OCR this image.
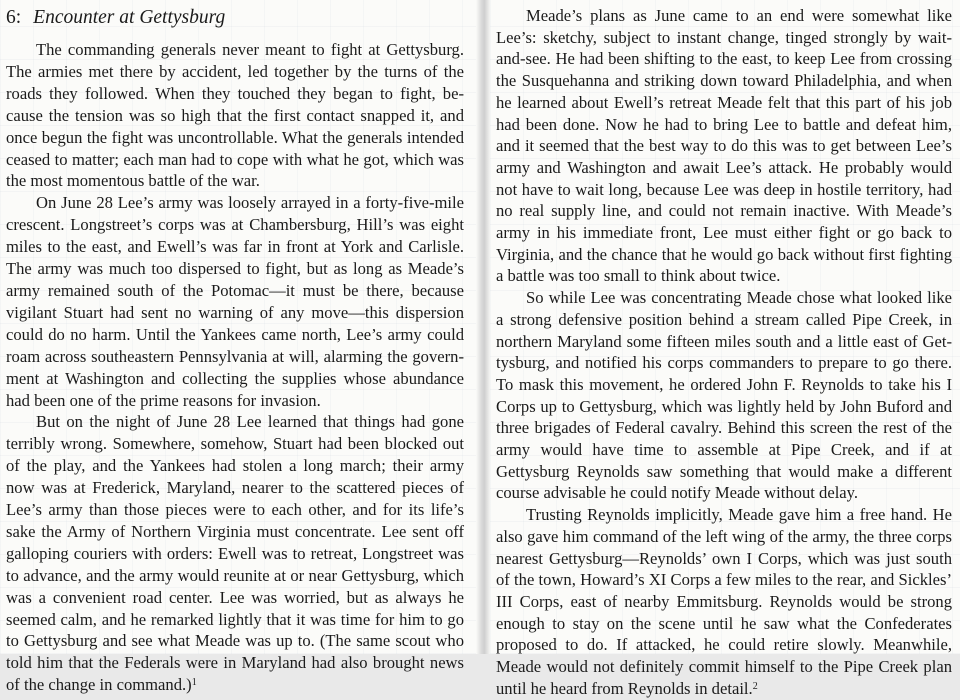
6: Encounter at Gettysburg

The commanding generals never meant to fight at Gettysburg. The armies met there by accident, led together by the turns of the roads they followed. When they touched they began to fight, because the tension was so high that the first contact snapped it, and once begun the fight was uncontrollable. What the generals intended ceased to matter; each man had to cope with what he got, which was the most momentous battle of the war.

On June 28 Lee’s army was loosely arrayed in a forty-five-mile crescent. Longstreet’s corps was at Chambersburg, Hill’s was eight miles to the east, and Ewell’s was far in front at York and Carlisle. The army was much too dispersed to fight, but as long as Meade’s army remained south of the Potomac—it must be there, because vigilant Stuart had sent no warning of any move—this dispersion could do no harm. Until the Yankees came north, Lee’s army could roam across southeastern Pennsylvania at will, alarming the government at Washington and collecting the supplies whose abundance had been one of the prime reasons for invasion.

But on the night of June 28 Lee learned that things had gone terribly wrong. Somewhere, somehow, Stuart had been blocked out of the play, and the Yankees had stolen a long march; their army now was at Frederick, Maryland, nearer to the scattered pieces of Lee’s army than those pieces were to each other, and for its life’s sake the Army of Northern Virginia must concentrate. Lee sent off galloping couriers with orders: Ewell was to retreat, Longstreet was to advance, and the army would reunite at or near Gettysburg, which was a convenient road center. Lee was worried, but as always he seemed calm, and he remarked lightly that it was time for him to go to Gettysburg and see what Meade was up to. (The same scout who told him that the Federals were in Maryland had also brought news of the change in command.)$^1$

Meade’s plans as June came to an end were somewhat like Lee’s: sketchy, subject to instant change, tinged strongly by wait-and-see. He had been shifting to the east, to keep Lee from crossing the Susquehanna and striking down toward Philadelphia, and when he learned about Ewell’s retreat Meade felt that this part of his job had been done. Now he had to bring Lee to battle and defeat him, and it seemed that the best way to do this was to get between Lee’s army and Washington and await Lee’s attack. He probably would not have to wait long, because Lee was deep in hostile territory, had no real supply line, and could not remain inactive. With Meade’s army in his immediate front, Lee must either fight or go back to Virginia, and the chance that he would go back without first fighting a battle was too small to think about twice.

So while Lee was concentrating Meade chose what looked like a strong defensive position behind a stream called Pipe Creek, in northern Maryland some fifteen miles south and a little east of Gettysburg, and notified his corps commanders to prepare to go there. To mask this movement, he ordered John F. Reynolds to take his I Corps up to Gettysburg, which was lightly held by John Buford and three brigades of Federal cavalry. Behind this screen the rest of the army would have time to assemble at Pipe Creek, and if at Gettysburg Reynolds saw something that would make a different course advisable he could notify Meade without delay.

Trusting Reynolds implicitly, Meade gave him a free hand. He also gave him command of the left wing of the army, the three corps nearest Gettysburg—Reynolds’ own I Corps, which was just south of the town, Howard’s XI Corps a few miles to the rear, and Sickles’ III Corps, east of nearby Emmitsburg. Reynolds would be strong enough to stay on the scene until he saw what the Confederates proposed to do. If attacked, he could retire slowly. Meanwhile, Meade would not definitely commit himself to the Pipe Creek plan until he heard from Reynolds in detail.$^2$
